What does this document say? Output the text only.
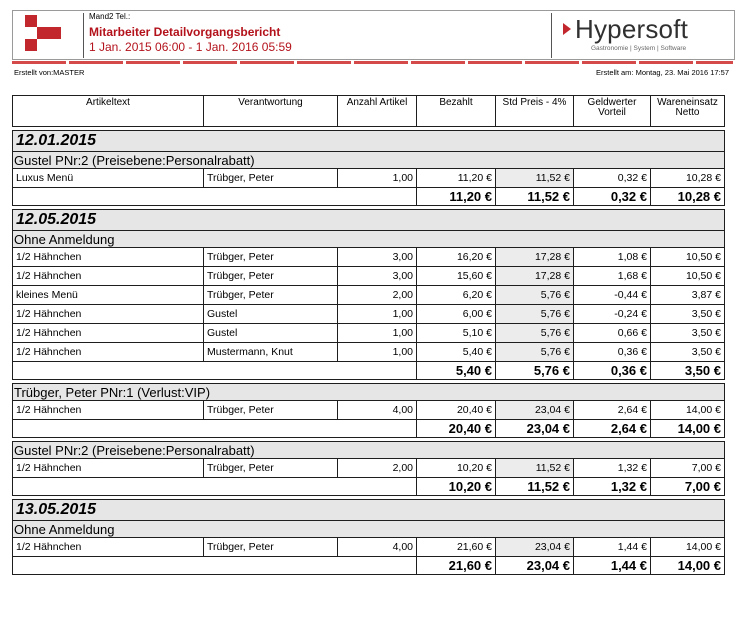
Mand2 Tel.:
Mitarbeiter Detailvorgangsbericht
1 Jan. 2015 06:00 - 1 Jan. 2016 05:59
Hypersoft
Gastronomie | System | Software
Erstellt von:MASTER	Erstellt am: Montag, 23. Mai 2016 17:57
Artikeltext	Verantwortung	Anzahl Artikel	Bezahlt	Std Preis - 4%	Geldwerter Vorteil	Wareneinsatz Netto

12.01.2015						
Gustel PNr:2 (Preisebene:Personalrabatt)						
Luxus Menü	Trübger, Peter	1,00	11,20 €	11,52 €	0,32 €	10,28 €
			11,20 €	11,52 €	0,32 €	10,28 €

12.05.2015						
Ohne Anmeldung						
1/2 Hähnchen	Trübger, Peter	3,00	16,20 €	17,28 €	1,08 €	10,50 €
1/2 Hähnchen	Trübger, Peter	3,00	15,60 €	17,28 €	1,68 €	10,50 €
kleines Menü	Trübger, Peter	2,00	6,20 €	5,76 €	-0,44 €	3,87 €
1/2 Hähnchen	Gustel	1,00	6,00 €	5,76 €	-0,24 €	3,50 €
1/2 Hähnchen	Gustel	1,00	5,10 €	5,76 €	0,66 €	3,50 €
1/2 Hähnchen	Mustermann, Knut	1,00	5,40 €	5,76 €	0,36 €	3,50 €
			5,40 €	5,76 €	0,36 €	3,50 €

Trübger, Peter PNr:1 (Verlust:VIP)						
1/2 Hähnchen	Trübger, Peter	4,00	20,40 €	23,04 €	2,64 €	14,00 €
			20,40 €	23,04 €	2,64 €	14,00 €

Gustel PNr:2 (Preisebene:Personalrabatt)						
1/2 Hähnchen	Trübger, Peter	2,00	10,20 €	11,52 €	1,32 €	7,00 €
			10,20 €	11,52 €	1,32 €	7,00 €

13.05.2015						
Ohne Anmeldung						
1/2 Hähnchen	Trübger, Peter	4,00	21,60 €	23,04 €	1,44 €	14,00 €
			21,60 €	23,04 €	1,44 €	14,00 €
